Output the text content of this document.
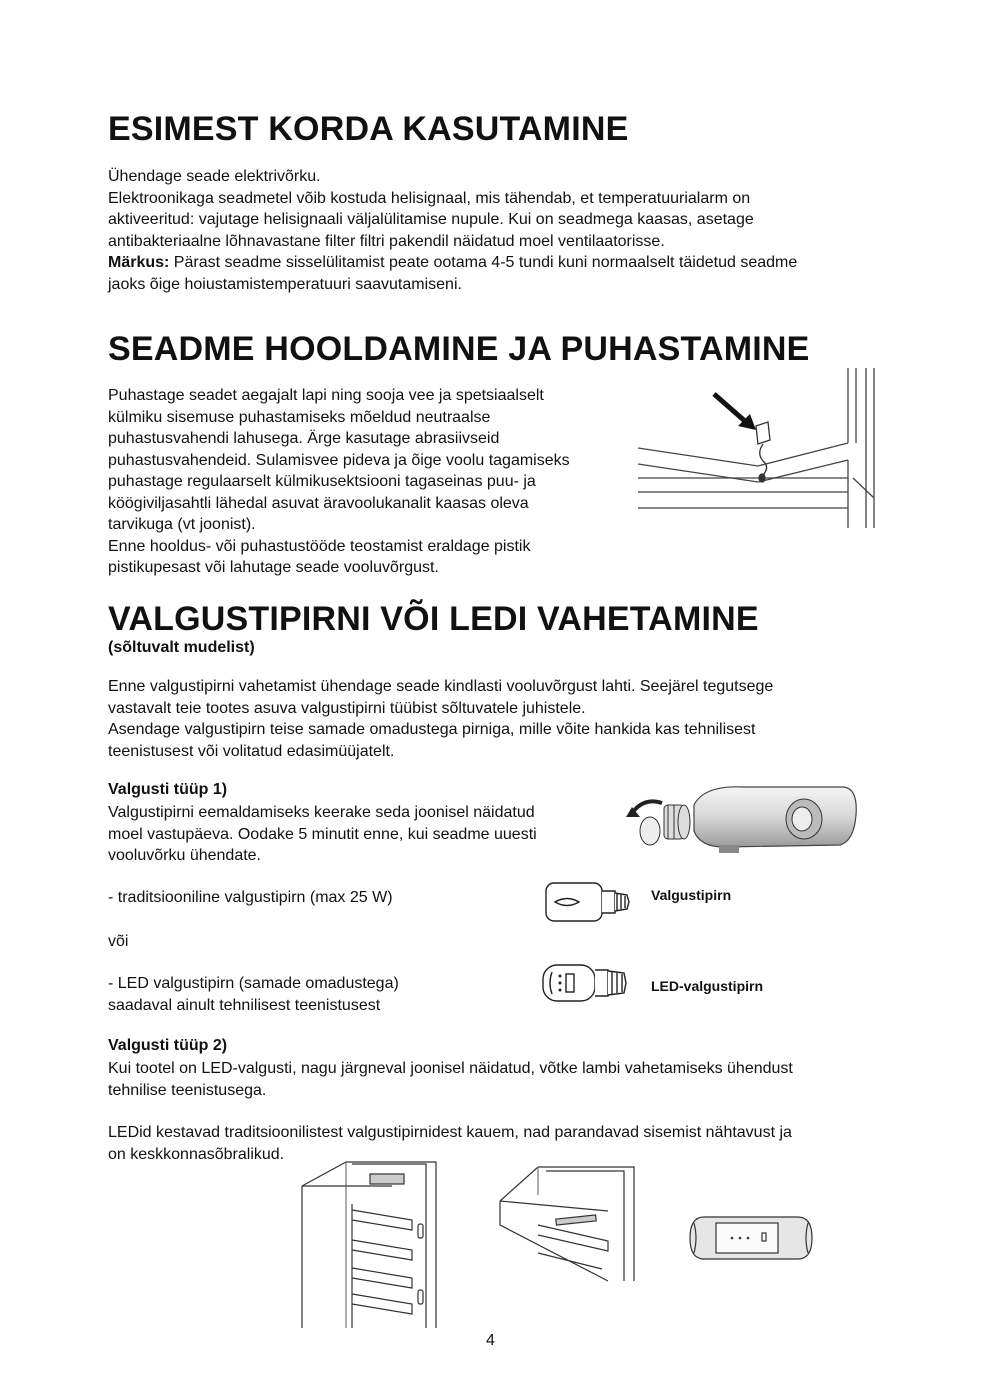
ESIMEST KORDA KASUTAMINE

Ühendage seade elektrivõrku.

Elektroonikaga seadmetel võib kostuda helisignaal, mis tähendab, et temperatuurialarm on

aktiveeritud: vajutage helisignaali väljalülitamise nupule. Kui on seadmega kaasas, asetage

antibakteriaalne lõhnavastane filter filtri pakendil näidatud moel ventilaatorisse.

Märkus: Pärast seadme sisselülitamist peate ootama 4-5 tundi kuni normaalselt täidetud seadme

jaoks õige hoiustamistemperatuuri saavutamiseni.

SEADME HOOLDAMINE JA PUHASTAMINE

Puhastage seadet aegajalt lapi ning sooja vee ja spetsiaalselt

külmiku sisemuse puhastamiseks mõeldud neutraalse

puhastusvahendi lahusega. Ärge kasutage abrasiivseid

puhastusvahendeid. Sulamisvee pideva ja õige voolu tagamiseks

puhastage regulaarselt külmikusektsiooni tagaseinas puu- ja

köögiviljasahtli lähedal asuvat äravoolukanalit kaasas oleva

tarvikuga (vt joonist).

Enne hooldus- või puhastustööde teostamist eraldage pistik

pistikupesast või lahutage seade vooluvõrgust.

VALGUSTIPIRNI VÕI LEDI VAHETAMINE
(sõltuvalt mudelist)

Enne valgustipirni vahetamist ühendage seade kindlasti vooluvõrgust lahti. Seejärel tegutsege

vastavalt teie tootes asuva valgustipirni tüübist sõltuvatele juhistele.

Asendage valgustipirn teise samade omadustega pirniga, mille võite hankida kas tehnilisest

teenistusest või volitatud edasimüüjatelt.

Valgusti tüüp 1)

Valgustipirni eemaldamiseks keerake seda joonisel näidatud

moel vastupäeva. Oodake 5 minutit enne, kui seadme uuesti

vooluvõrku ühendate.

- traditsiooniline valgustipirn (max 25 W)
või

- LED valgustipirn (samade omadustega)

saadaval ainult tehnilisest teenistusest

Valgustipirn
LED-valgustipirn
Valgusti tüüp 2)

Kui tootel on LED-valgusti, nagu järgneval joonisel näidatud, võtke lambi vahetamiseks ühendust

tehnilise teenistusega.

LEDid kestavad traditsioonilistest valgustipirnidest kauem, nad parandavad sisemist nähtavust ja

on keskkonnasõbralikud.

4
